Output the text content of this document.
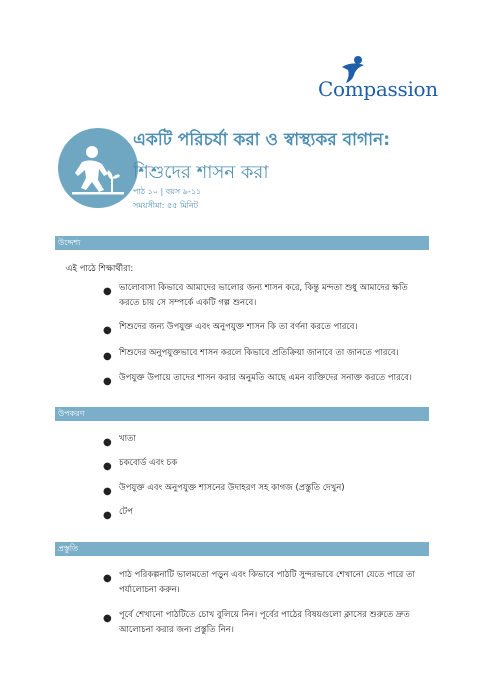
Compassion
একটি পরিচর্যা করা ও স্বাস্থ্যকর বাগান:
শিশুদের শাসন করা
পাঠ ১০ | বয়স ৯-১১
সময়সীমা: ৫৫ মিনিট
উদ্দেশ্য
এই পাঠে শিক্ষার্থীরা:
●
ভালোবাসা কিভাবে আমাদের ভালোর জন্য শাসন করে, কিন্তু মন্দতা শুধু আমাদের ক্ষতি করতে চায় সে সম্পর্কে একটি গল্প শুনবে।
●
শিশুদের জন্য উপযুক্ত এবং অনুপযুক্ত শাসন কি তা বর্ণনা করতে পারবে।
●
শিশুদের অনুপযুক্তভাবে শাসন করলে কিভাবে প্রতিক্রিয়া জানাবে তা জানতে পারবে।
●
উপযুক্ত উপায়ে তাদের শাসন করার অনুমতি আছে এমন ব্যক্তিদের সনাক্ত করতে পারবে।
উপকরণ
●
খাতা
●
চকবোর্ড এবং চক
●
উপযুক্ত এবং অনুপযুক্ত শাসনের উদাহরণ সহ কাগজ (প্রস্তুতি দেখুন)
●
টেপ
প্রস্তুতি
●
পাঠ পরিকল্পনাটি ভালমতো পড়ুন এবং কিভাবে পাঠটি সুন্দরভাবে শেখানো যেতে পারে তা পর্যালোচনা করুন।
●
পূর্বে শেখানো পাঠটিতে চোখ বুলিয়ে নিন। পূর্বের পাঠের বিষয়গুলো ক্লাসের শুরুতে দ্রুত আলোচনা করার জন্য প্রস্তুতি নিন।
